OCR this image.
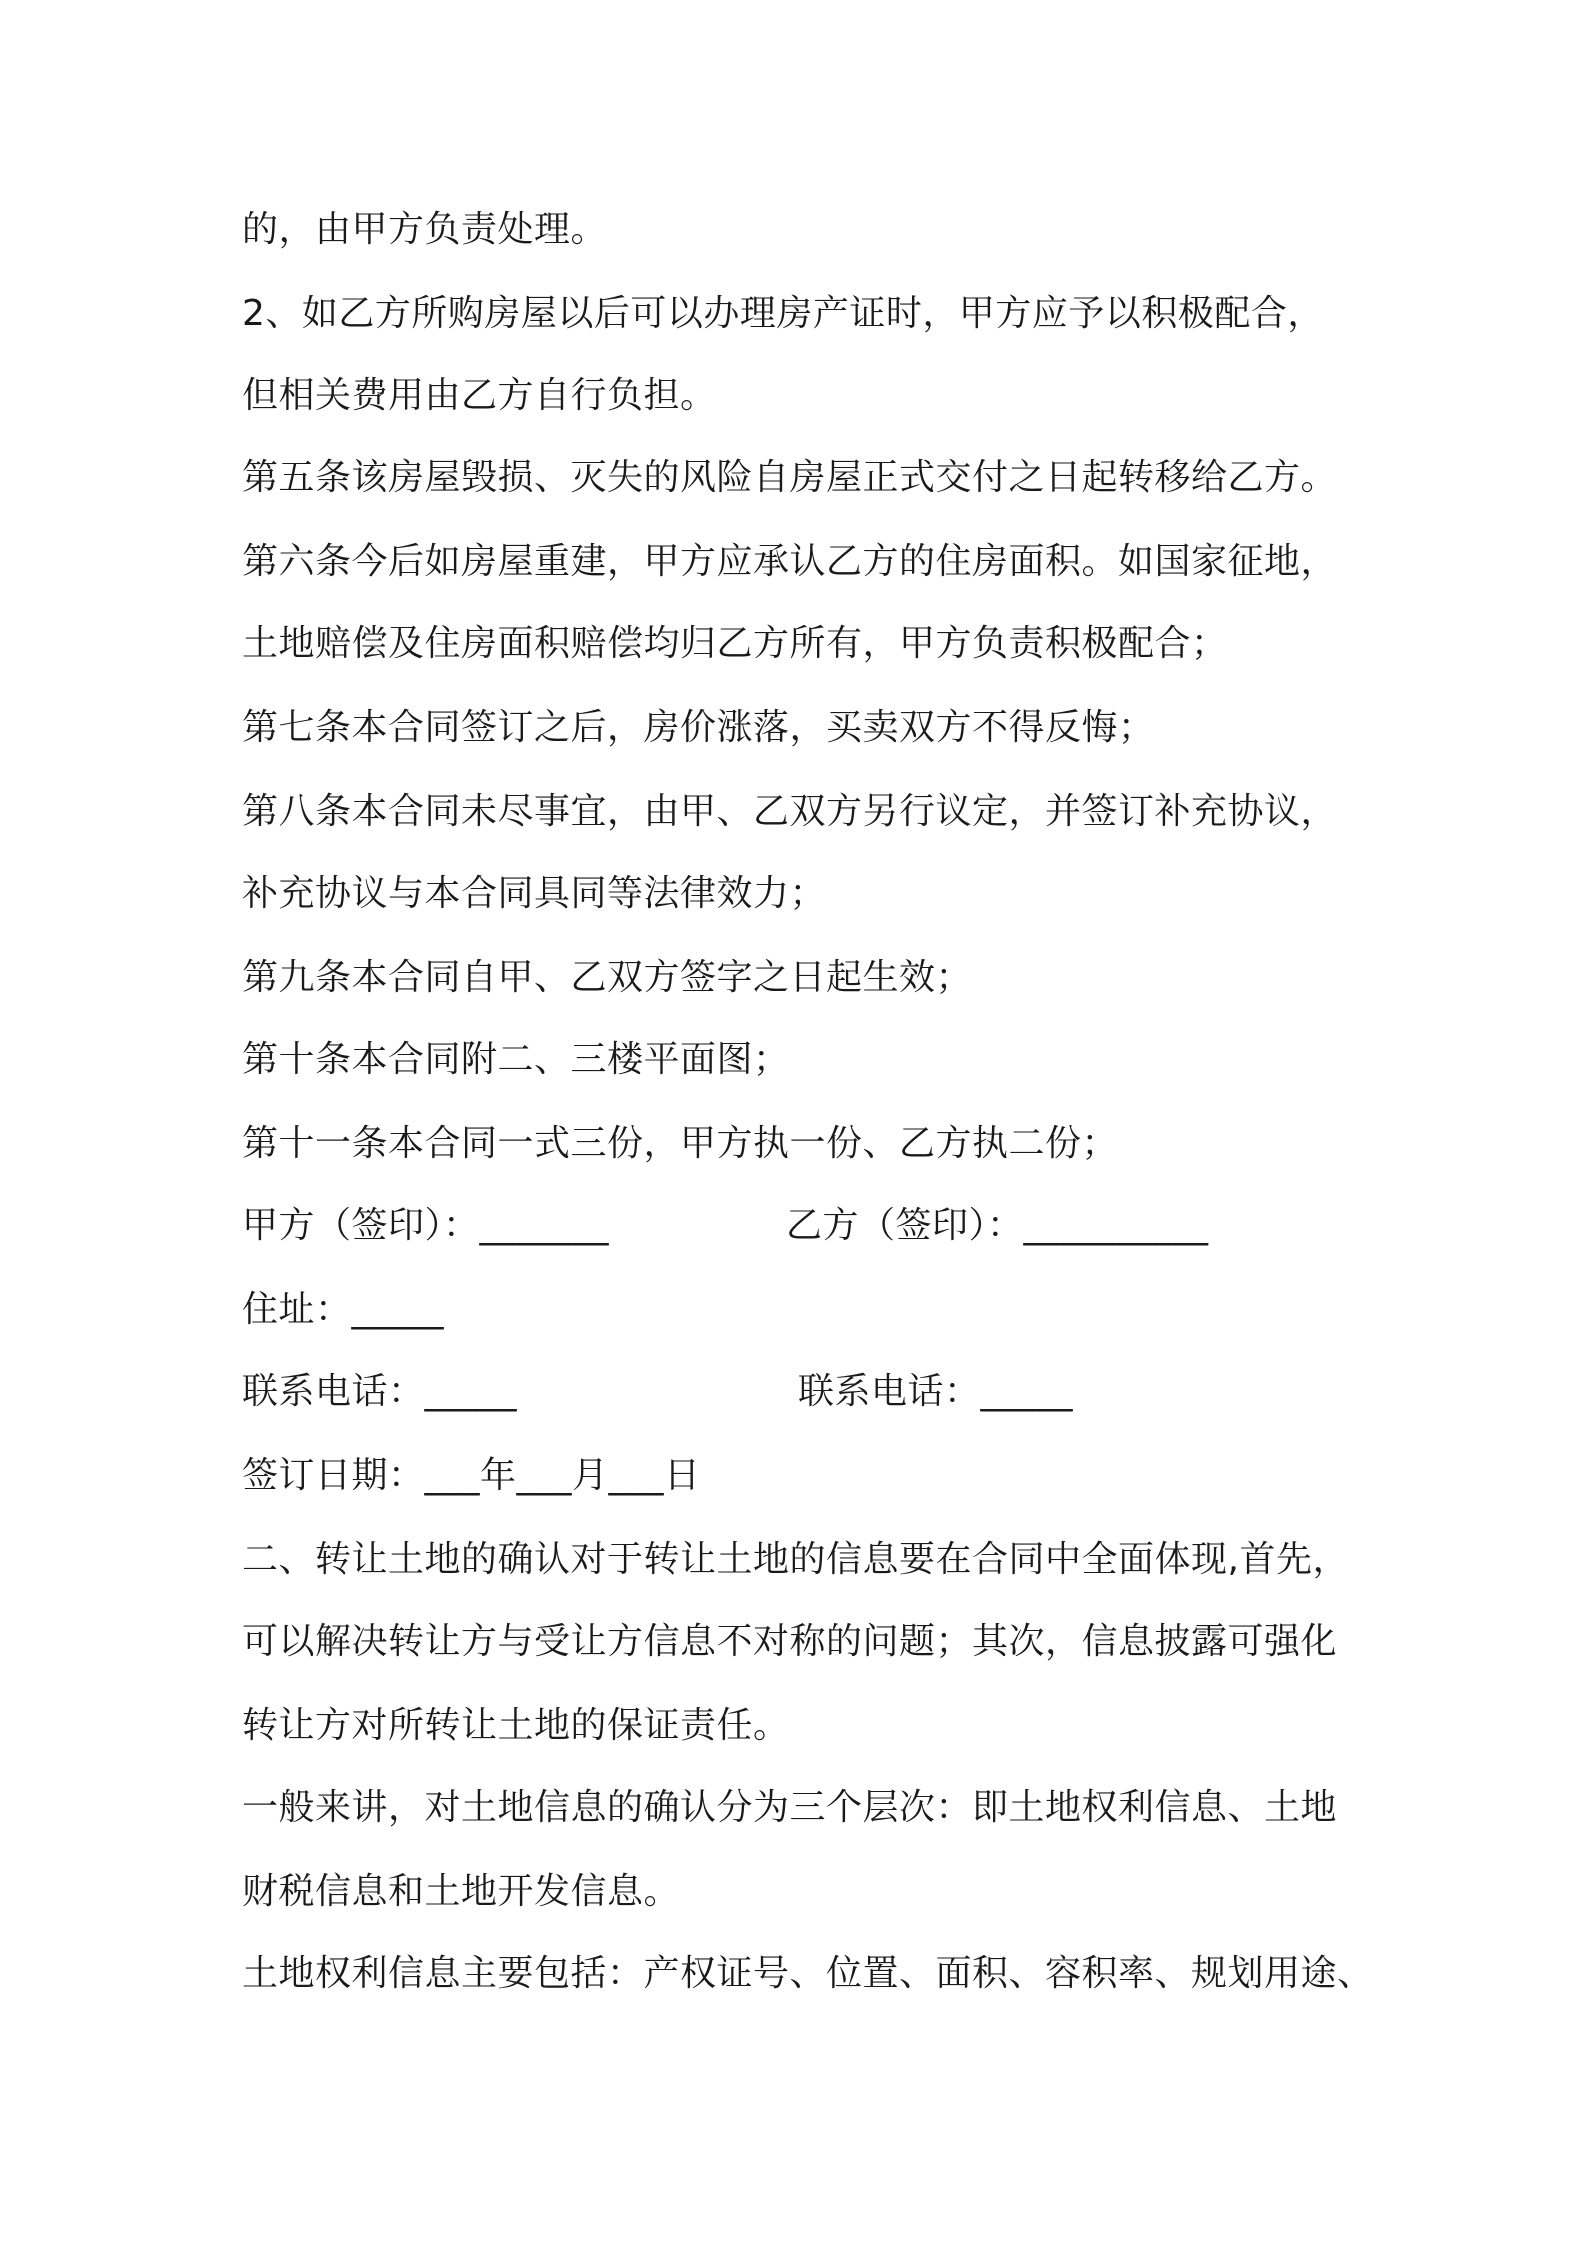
的，由甲方负责处理。
2、如乙方所购房屋以后可以办理房产证时，甲方应予以积极配合，
但相关费用由乙方自行负担。
第五条该房屋毁损、灭失的风险自房屋正式交付之日起转移给乙方。
第六条今后如房屋重建，甲方应承认乙方的住房面积。如国家征地，
土地赔偿及住房面积赔偿均归乙方所有，甲方负责积极配合；
第七条本合同签订之后，房价涨落，买卖双方不得反悔；
第八条本合同未尽事宜，由甲、乙双方另行议定，并签订补充协议，
补充协议与本合同具同等法律效力；
第九条本合同自甲、乙双方签字之日起生效；
第十条本合同附二、三楼平面图；
第十一条本合同一式三份，甲方执一份、乙方执二份；
甲方（签印）：_______	乙方（签印）：__________
住址：_____
联系电话：_____	联系电话：_____
签订日期：___年___月___日
二、转让土地的确认对于转让土地的信息要在合同中全面体现,首先，
可以解决转让方与受让方信息不对称的问题；其次，信息披露可强化
转让方对所转让土地的保证责任。
一般来讲，对土地信息的确认分为三个层次：即土地权利信息、土地
财税信息和土地开发信息。
土地权利信息主要包括：产权证号、位置、面积、容积率、规划用途、
